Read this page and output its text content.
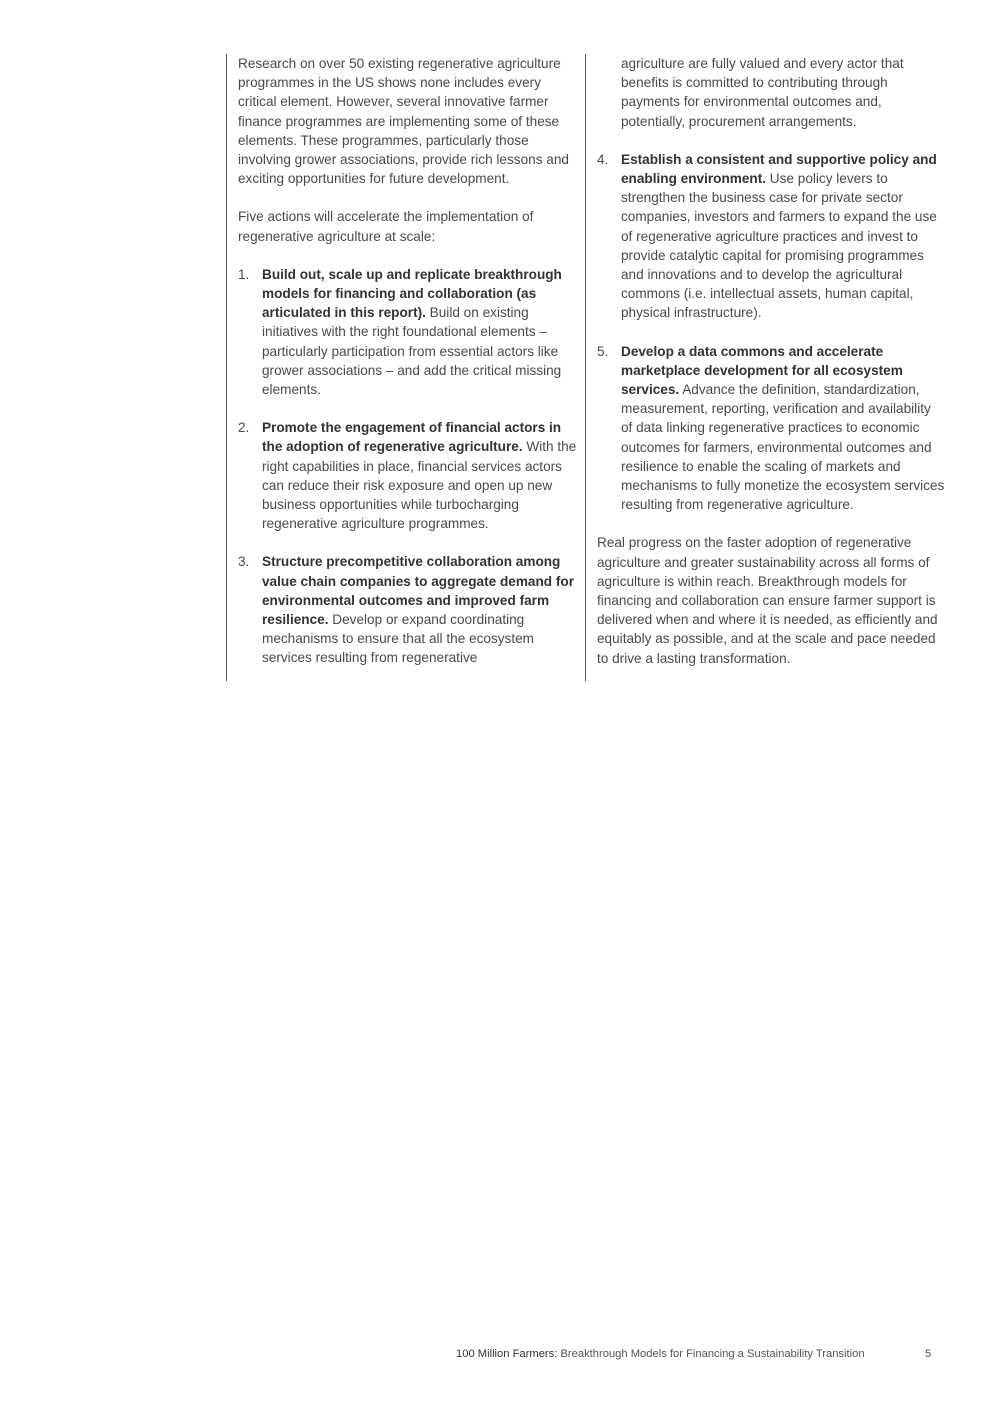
Research on over 50 existing regenerative agriculture programmes in the US shows none includes every critical element. However, several innovative farmer finance programmes are implementing some of these elements. These programmes, particularly those involving grower associations, provide rich lessons and exciting opportunities for future development.

Five actions will accelerate the implementation of regenerative agriculture at scale:

1. Build out, scale up and replicate breakthrough models for financing and collaboration (as articulated in this report). Build on existing initiatives with the right foundational elements – particularly participation from essential actors like grower associations – and add the critical missing elements.
2. Promote the engagement of financial actors in the adoption of regenerative agriculture. With the right capabilities in place, financial services actors can reduce their risk exposure and open up new business opportunities while turbocharging regenerative agriculture programmes.
3. Structure precompetitive collaboration among value chain companies to aggregate demand for environmental outcomes and improved farm resilience. Develop or expand coordinating mechanisms to ensure that all the ecosystem services resulting from regenerative

agriculture are fully valued and every actor that benefits is committed to contributing through payments for environmental outcomes and, potentially, procurement arrangements.

4. Establish a consistent and supportive policy and enabling environment. Use policy levers to strengthen the business case for private sector companies, investors and farmers to expand the use of regenerative agriculture practices and invest to provide catalytic capital for promising programmes and innovations and to develop the agricultural commons (i.e. intellectual assets, human capital, physical infrastructure).
5. Develop a data commons and accelerate marketplace development for all ecosystem services. Advance the definition, standardization, measurement, reporting, verification and availability of data linking regenerative practices to economic outcomes for farmers, environmental outcomes and resilience to enable the scaling of markets and mechanisms to fully monetize the ecosystem services resulting from regenerative agriculture.

Real progress on the faster adoption of regenerative agriculture and greater sustainability across all forms of agriculture is within reach. Breakthrough models for financing and collaboration can ensure farmer support is delivered when and where it is needed, as efficiently and equitably as possible, and at the scale and pace needed to drive a lasting transformation.

100 Million Farmers: Breakthrough Models for Financing a Sustainability Transition	5
